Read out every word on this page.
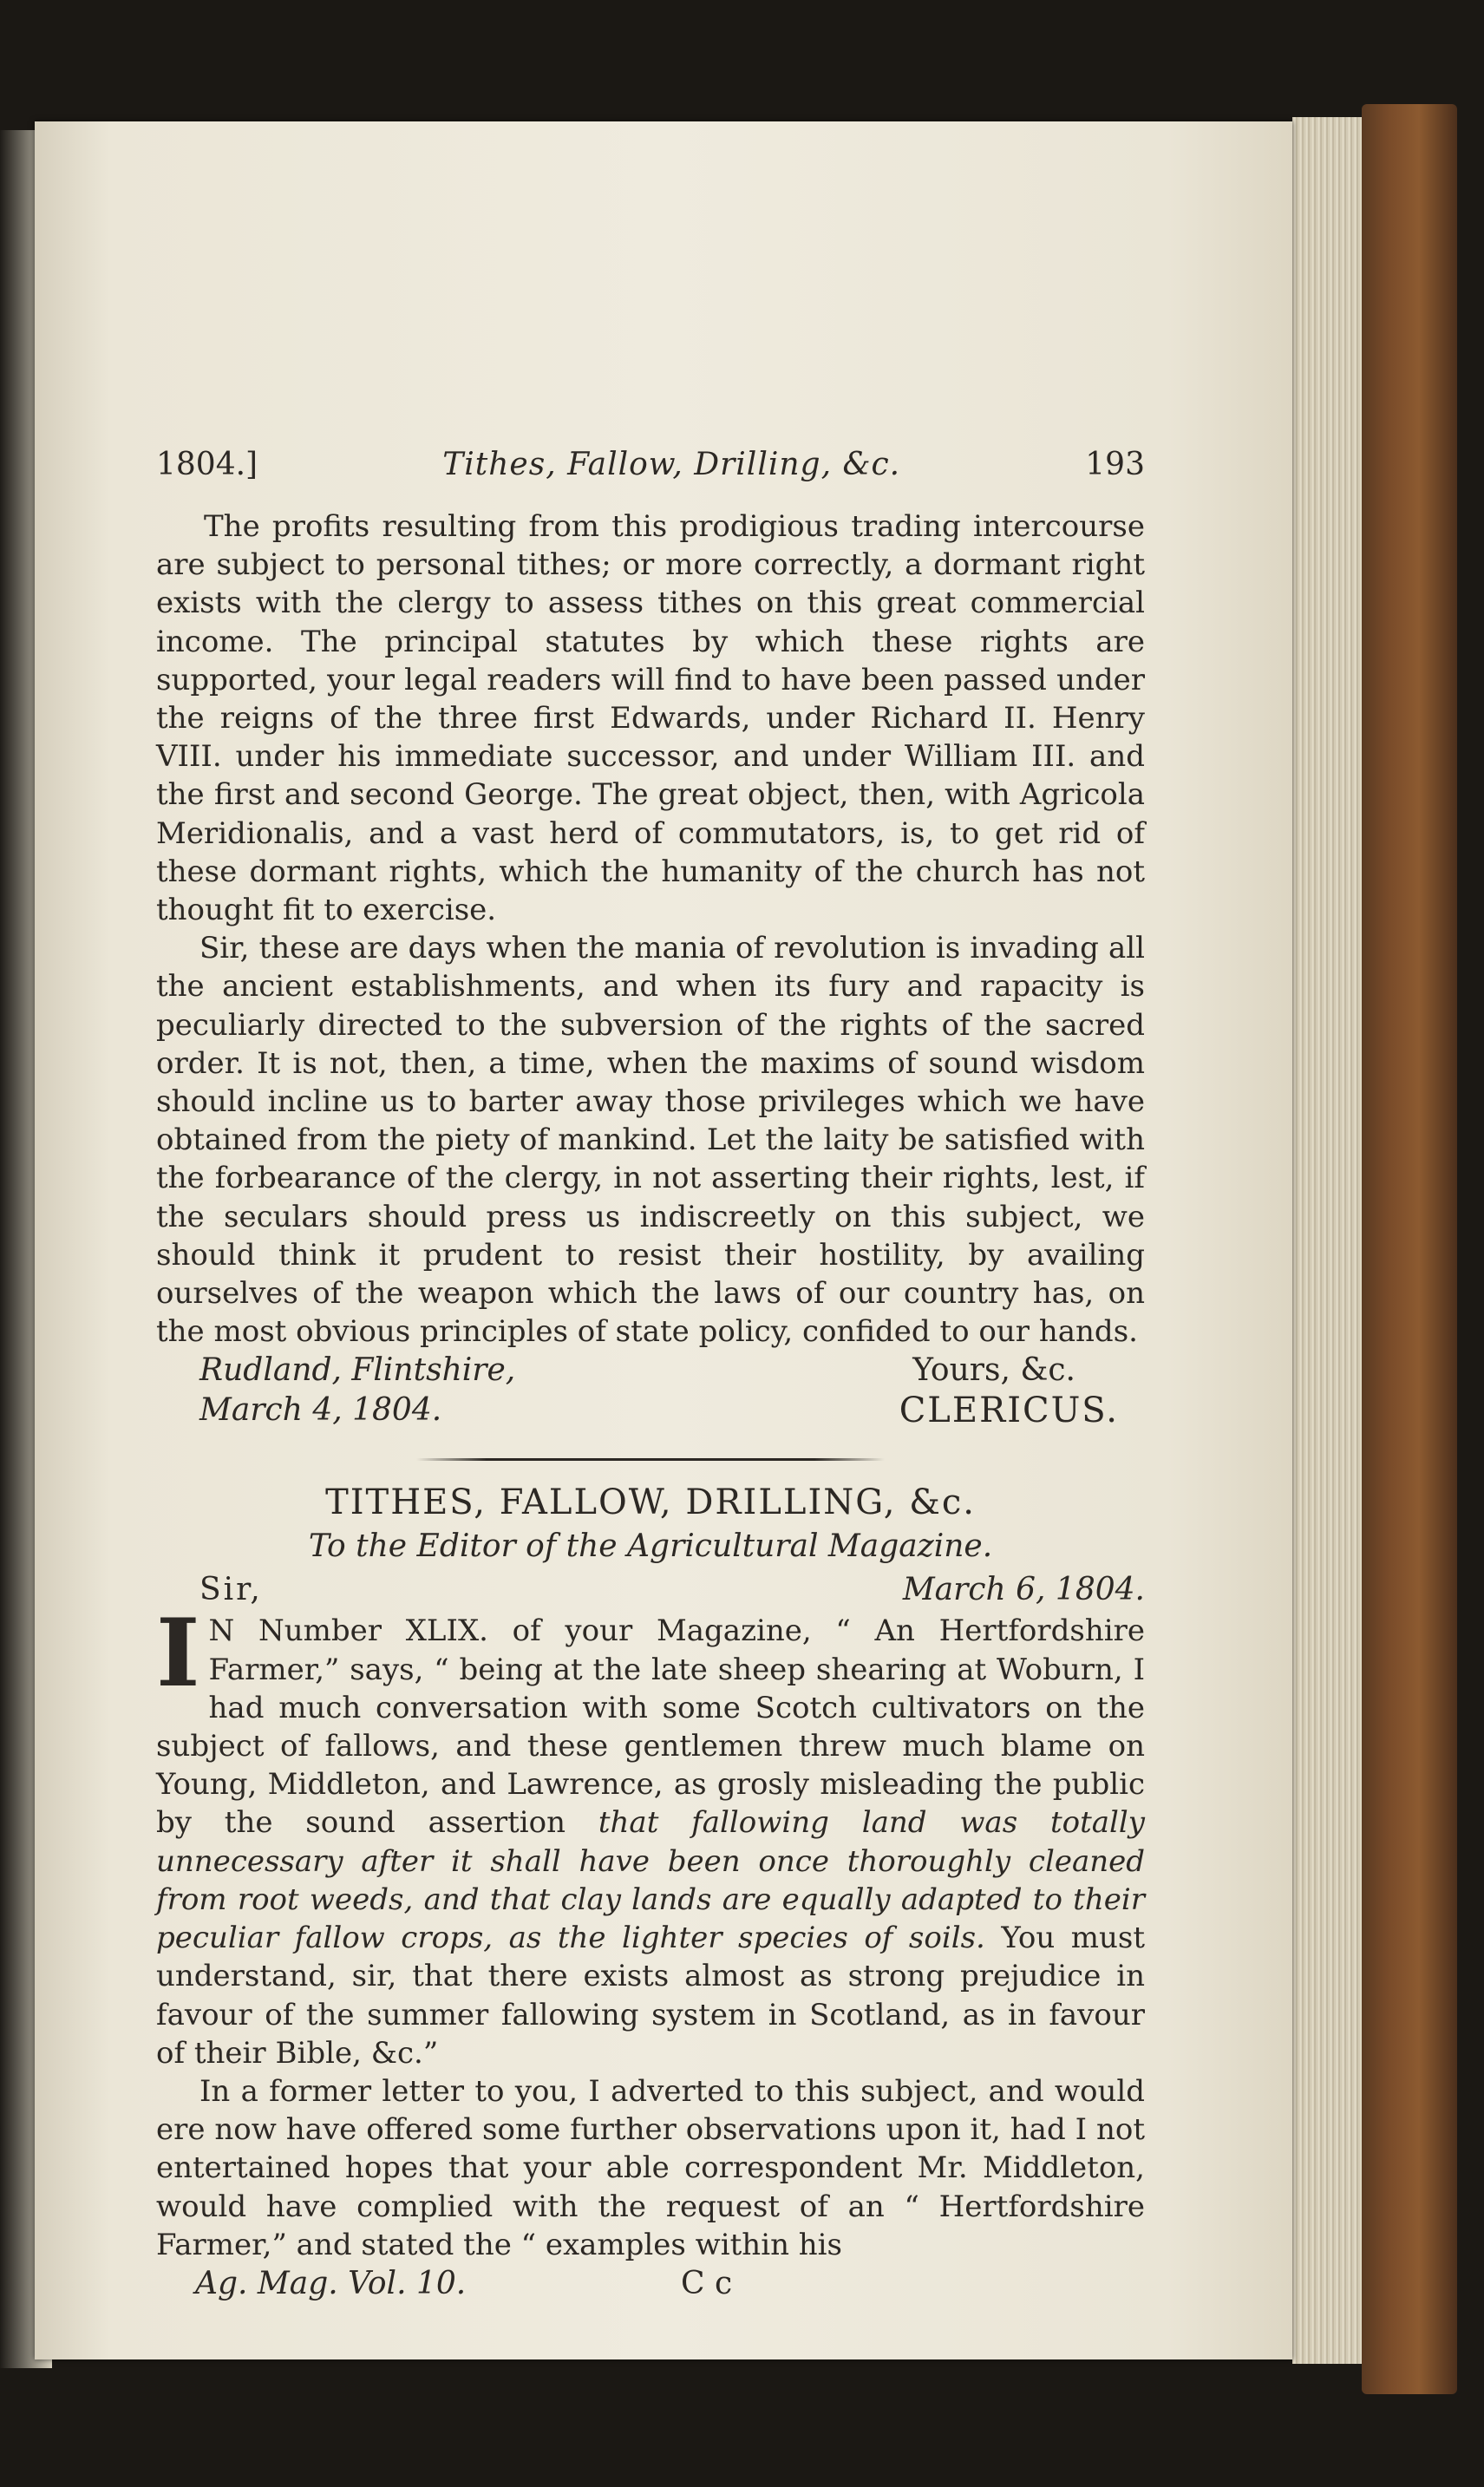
1804.]	Tithes, Fallow, Drilling, &c.	193

The profits resulting from this prodigious trading intercourse are subject to personal tithes; or more correctly, a dormant right exists with the clergy to assess tithes on this great commercial income. The principal statutes by which these rights are supported, your legal readers will find to have been passed under the reigns of the three first Edwards, under Richard II. Henry VIII. under his immediate successor, and under William III. and the first and second George. The great object, then, with Agricola Meridionalis, and a vast herd of commutators, is, to get rid of these dormant rights, which the humanity of the church has not thought fit to exercise.

Sir, these are days when the mania of revolution is invading all the ancient establishments, and when its fury and rapacity is peculiarly directed to the subversion of the rights of the sacred order. It is not, then, a time, when the maxims of sound wisdom should incline us to barter away those privileges which we have obtained from the piety of mankind. Let the laity be satisfied with the forbearance of the clergy, in not asserting their rights, lest, if the seculars should press us indiscreetly on this subject, we should think it prudent to resist their hostility, by availing ourselves of the weapon which the laws of our country has, on the most obvious principles of state policy, confided to our hands.

Rudland, Flintshire,	Yours, &c.
March 4, 1804.	CLERICUS.
TITHES, FALLOW, DRILLING, &c.
To the Editor of the Agricultural Magazine.
Sir,	March 6, 1804.

I N Number XLIX. of your Magazine, “ An Hertfordshire Farmer,” says, “ being at the late sheep shearing at Woburn, I had much conversation with some Scotch cultivators on the subject of fallows, and these gentlemen threw much blame on Young, Middleton, and Lawrence, as grosly misleading the public by the sound assertion that fallowing land was totally unnecessary after it shall have been once thoroughly cleaned from root weeds, and that clay lands are equally adapted to their peculiar fallow crops, as the lighter species of soils. You must understand, sir, that there exists almost as strong prejudice in favour of the summer fallowing system in Scotland, as in favour of their Bible, &c.”

In a former letter to you, I adverted to this subject, and would ere now have offered some further observations upon it, had I not entertained hopes that your able correspondent Mr. Middleton, would have complied with the request of an “ Hertfordshire Farmer,” and stated the “ examples within his

Ag. Mag. Vol. 10.	C c
